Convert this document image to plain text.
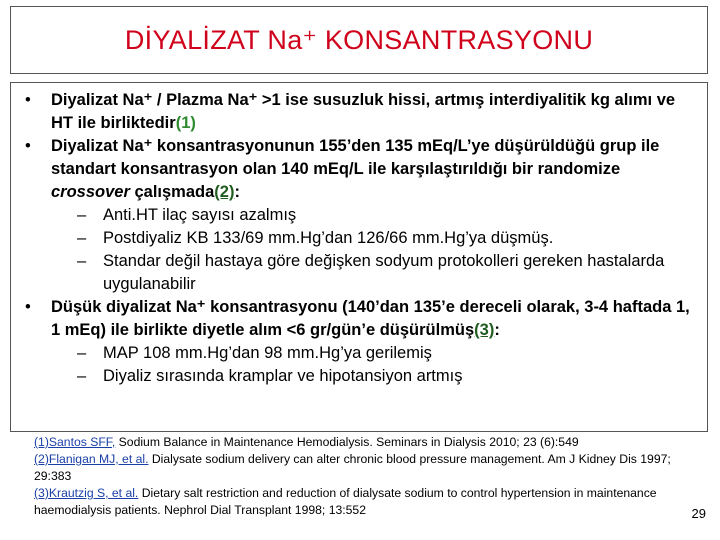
DİYALİZAT Na⁺ KONSANTRASYONU
• Diyalizat Na⁺ / Plazma Na⁺ >1 ise susuzluk hissi, artmış interdiyalitik kg alımı ve HT ile birliktedir(1)
• Diyalizat Na⁺ konsantrasyonunun 155’den 135 mEq/L’ye düşürüldüğü grup ile standart konsantrasyon olan 140 mEq/L ile karşılaştırıldığı bir randomize crossover çalışmada(2):
– Anti.HT ilaç sayısı azalmış
– Postdiyaliz KB 133/69 mm.Hg’dan 126/66 mm.Hg’ya düşmüş.
– Standar değil hastaya göre değişken sodyum protokolleri gereken hastalarda uygulanabilir
• Düşük diyalizat Na⁺ konsantrasyonu (140’dan 135’e dereceli olarak, 3-4 haftada 1, 1 mEq) ile birlikte diyetle alım <6 gr/gün’e düşürülmüş(3):
– MAP 108 mm.Hg’dan 98 mm.Hg’ya gerilemiş
– Diyaliz sırasında kramplar ve hipotansiyon artmış
(1)Santos SFF, Sodium Balance in Maintenance Hemodialysis. Seminars in Dialysis 2010; 23 (6):549
(2)Flanigan MJ, et al. Dialysate sodium delivery can alter chronic blood pressure management. Am J Kidney Dis 1997; 29:383
(3)Krautzig S, et al. Dietary salt restriction and reduction of dialysate sodium to control hypertension in maintenance haemodialysis patients. Nephrol Dial Transplant 1998; 13:552	29
